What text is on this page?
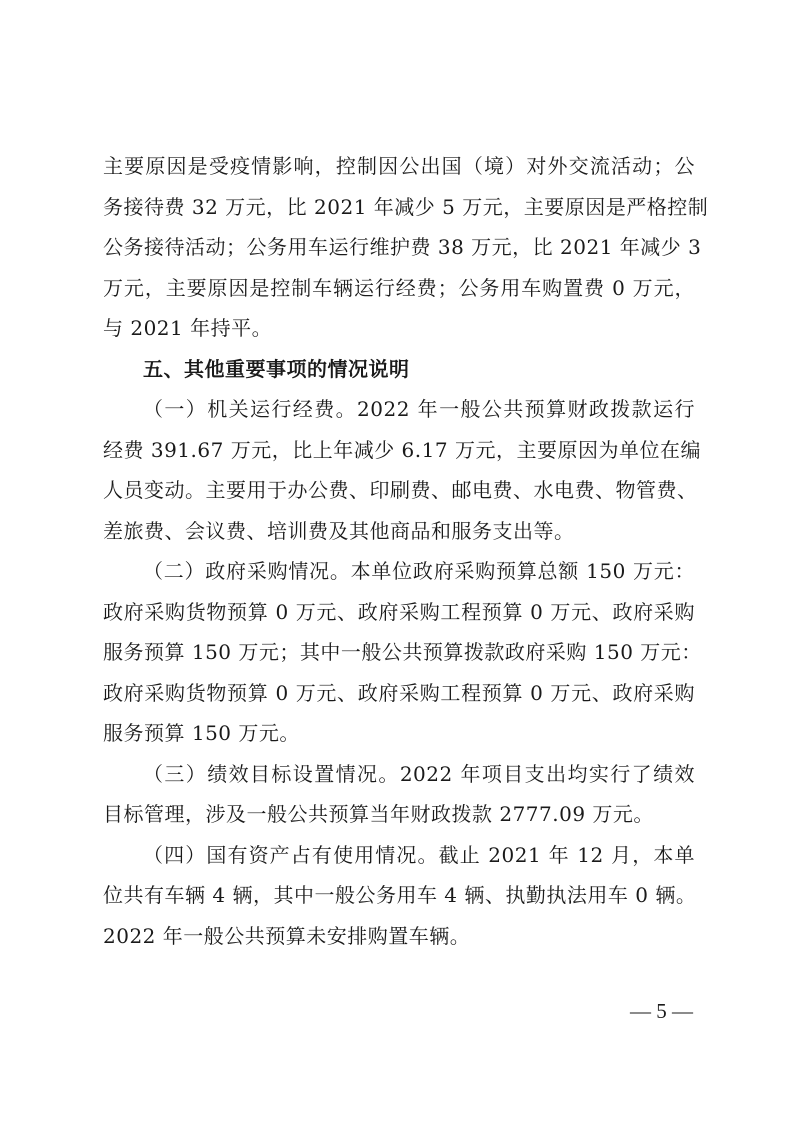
主要原因是受疫情影响，控制因公出国（境）对外交流活动；公
务接待费 32 万元，比 2021 年减少 5 万元，主要原因是严格控制
公务接待活动；公务用车运行维护费 38 万元，比 2021 年减少 3
万元，主要原因是控制车辆运行经费；公务用车购置费 0 万元，
与 2021 年持平。
五、其他重要事项的情况说明
（一）机关运行经费。2022 年一般公共预算财政拨款运行
经费 391.67 万元，比上年减少 6.17 万元，主要原因为单位在编
人员变动。主要用于办公费、印刷费、邮电费、水电费、物管费、
差旅费、会议费、培训费及其他商品和服务支出等。
（二）政府采购情况。本单位政府采购预算总额 150 万元：
政府采购货物预算 0 万元、政府采购工程预算 0 万元、政府采购
服务预算 150 万元；其中一般公共预算拨款政府采购 150 万元：
政府采购货物预算 0 万元、政府采购工程预算 0 万元、政府采购
服务预算 150 万元。
（三）绩效目标设置情况。2022 年项目支出均实行了绩效
目标管理，涉及一般公共预算当年财政拨款 2777.09 万元。
（四）国有资产占有使用情况。截止 2021 年 12 月，本单
位共有车辆 4 辆，其中一般公务用车 4 辆、执勤执法用车 0 辆。
2022 年一般公共预算未安排购置车辆。
— 5 —
